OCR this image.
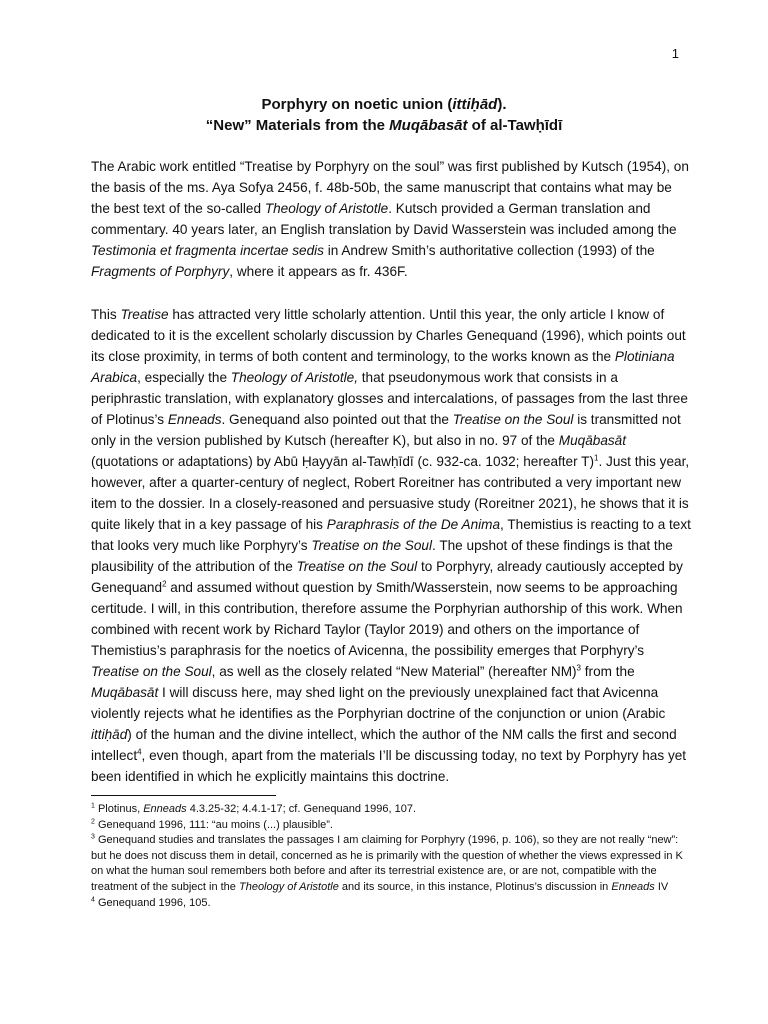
1
Porphyry on noetic union (ittiḥād).
“New” Materials from the Muqābasāt of al-Tawḥīdī

The Arabic work entitled “Treatise by Porphyry on the soul” was first published by Kutsch (1954), on the basis of the ms. Aya Sofya 2456, f. 48b-50b, the same manuscript that contains what may be the best text of the so-called Theology of Aristotle. Kutsch provided a German translation and commentary. 40 years later, an English translation by David Wasserstein was included among the Testimonia et fragmenta incertae sedis in Andrew Smith’s authoritative collection (1993) of the Fragments of Porphyry, where it appears as fr. 436F.

This Treatise has attracted very little scholarly attention. Until this year, the only article I know of dedicated to it is the excellent scholarly discussion by Charles Genequand (1996), which points out its close proximity, in terms of both content and terminology, to the works known as the Plotiniana Arabica, especially the Theology of Aristotle, that pseudonymous work that consists in a periphrastic translation, with explanatory glosses and intercalations, of passages from the last three of Plotinus’s Enneads. Genequand also pointed out that the Treatise on the Soul is transmitted not only in the version published by Kutsch (hereafter K), but also in no. 97 of the Muqābasāt (quotations or adaptations) by Abū Ḥayyān al-Tawḥīdī (c. 932-ca. 1032; hereafter T)$^1$. Just this year, however, after a quarter-century of neglect, Robert Roreitner has contributed a very important new item to the dossier. In a closely-reasoned and persuasive study (Roreitner 2021), he shows that it is quite likely that in a key passage of his Paraphrasis of the De Anima, Themistius is reacting to a text that looks very much like Porphyry’s Treatise on the Soul. The upshot of these findings is that the plausibility of the attribution of the Treatise on the Soul to Porphyry, already cautiously accepted by Genequand$^2$ and assumed without question by Smith/Wasserstein, now seems to be approaching certitude. I will, in this contribution, therefore assume the Porphyrian authorship of this work. When combined with recent work by Richard Taylor (Taylor 2019) and others on the importance of Themistius’s paraphrasis for the noetics of Avicenna, the possibility emerges that Porphyry’s Treatise on the Soul, as well as the closely related “New Material” (hereafter NM)$^3$ from the Muqābasāt I will discuss here, may shed light on the previously unexplained fact that Avicenna violently rejects what he identifies as the Porphyrian doctrine of the conjunction or union (Arabic ittiḥād) of the human and the divine intellect, which the author of the NM calls the first and second intellect$^4$, even though, apart from the materials I’ll be discussing today, no text by Porphyry has yet been identified in which he explicitly maintains this doctrine.

$^1$ Plotinus, Enneads 4.3.25-32; 4.4.1-17; cf. Genequand 1996, 107.
$^2$ Genequand 1996, 111: “au moins (...) plausible”.
$^3$ Genequand studies and translates the passages I am claiming for Porphyry (1996, p. 106), so they are not really “new”: but he does not discuss them in detail, concerned as he is primarily with the question of whether the views expressed in K on what the human soul remembers both before and after its terrestrial existence are, or are not, compatible with the treatment of the subject in the Theology of Aristotle and its source, in this instance, Plotinus’s discussion in Enneads IV
$^4$ Genequand 1996, 105.
